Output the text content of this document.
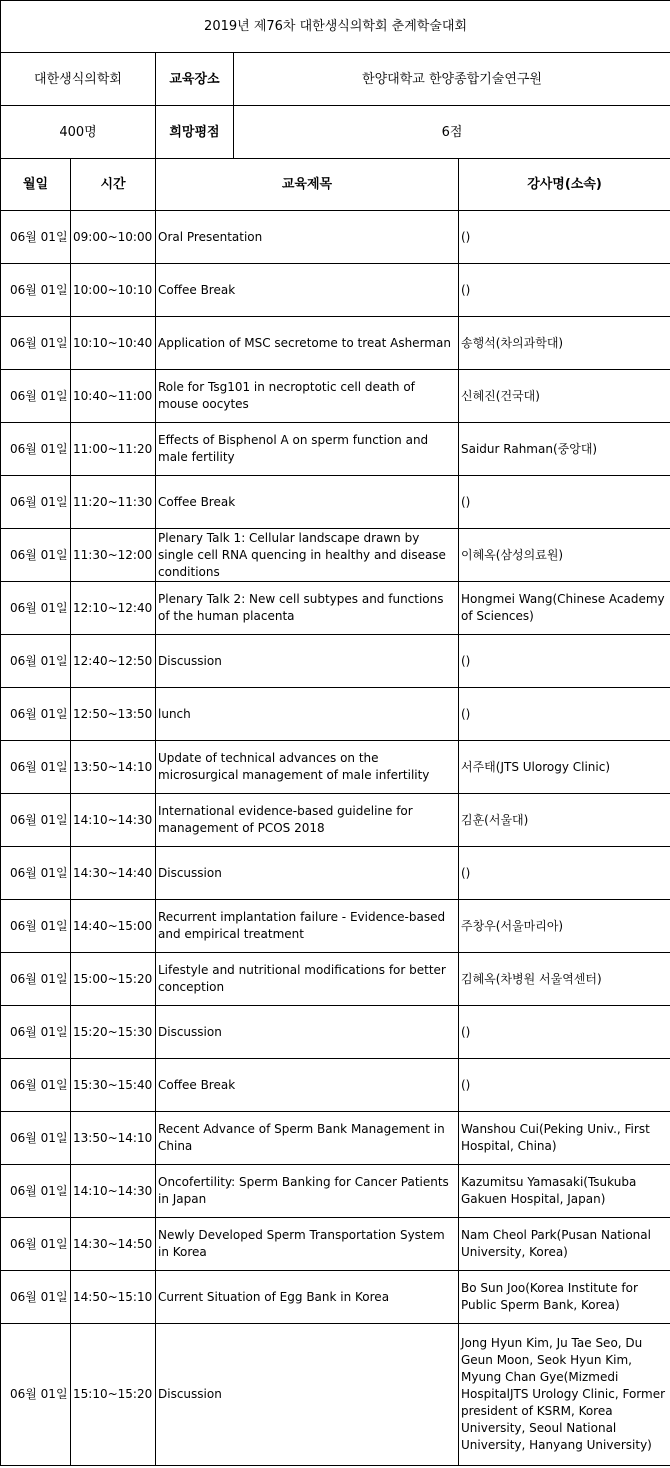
2019년 제76차 대한생식의학회 춘계학술대회				
대한생식의학회		교육장소	한양대학교 한양종합기술연구원	
400명		희망평점	6점	
월일	시간	교육제목		강사명(소속)
06월 01일	09:00~10:00	Oral Presentation		()
06월 01일	10:00~10:10	Coffee Break		()
06월 01일	10:10~10:40	Application of MSC secretome to treat Asherman		송행석(차의과학대)
06월 01일	10:40~11:00	Role for Tsg101 in necroptotic cell death of mouse oocytes		신혜진(건국대)
06월 01일	11:00~11:20	Effects of Bisphenol A on sperm function and male fertility		Saidur Rahman(중앙대)
06월 01일	11:20~11:30	Coffee Break		()
06월 01일	11:30~12:00	Plenary Talk 1: Cellular landscape drawn by single cell RNA quencing in healthy and disease conditions		이혜옥(삼성의료원)
06월 01일	12:10~12:40	Plenary Talk 2: New cell subtypes and functions of the human placenta		Hongmei Wang(Chinese Academy of Sciences)
06월 01일	12:40~12:50	Discussion		()
06월 01일	12:50~13:50	lunch		()
06월 01일	13:50~14:10	Update of technical advances on the microsurgical management of male infertility		서주태(JTS Ulorogy Clinic)
06월 01일	14:10~14:30	International evidence-based guideline for management of PCOS 2018		김훈(서울대)
06월 01일	14:30~14:40	Discussion		()
06월 01일	14:40~15:00	Recurrent implantation failure - Evidence-based and empirical treatment		주창우(서울마리아)
06월 01일	15:00~15:20	Lifestyle and nutritional modifications for better conception		김혜옥(차병원 서울역센터)
06월 01일	15:20~15:30	Discussion		()
06월 01일	15:30~15:40	Coffee Break		()
06월 01일	13:50~14:10	Recent Advance of Sperm Bank Management in China		Wanshou Cui(Peking Univ., First Hospital, China)
06월 01일	14:10~14:30	Oncofertility: Sperm Banking for Cancer Patients in Japan		Kazumitsu Yamasaki(Tsukuba Gakuen Hospital, Japan)
06월 01일	14:30~14:50	Newly Developed Sperm Transportation System in Korea		Nam Cheol Park(Pusan National University, Korea)
06월 01일	14:50~15:10	Current Situation of Egg Bank in Korea		Bo Sun Joo(Korea Institute for Public Sperm Bank, Korea)
06월 01일	15:10~15:20	Discussion		Jong Hyun Kim, Ju Tae Seo, Du Geun Moon, Seok Hyun Kim, Myung Chan Gye(Mizmedi HospitalJTS Urology Clinic, Former president of KSRM, Korea University, Seoul National University, Hanyang University)
